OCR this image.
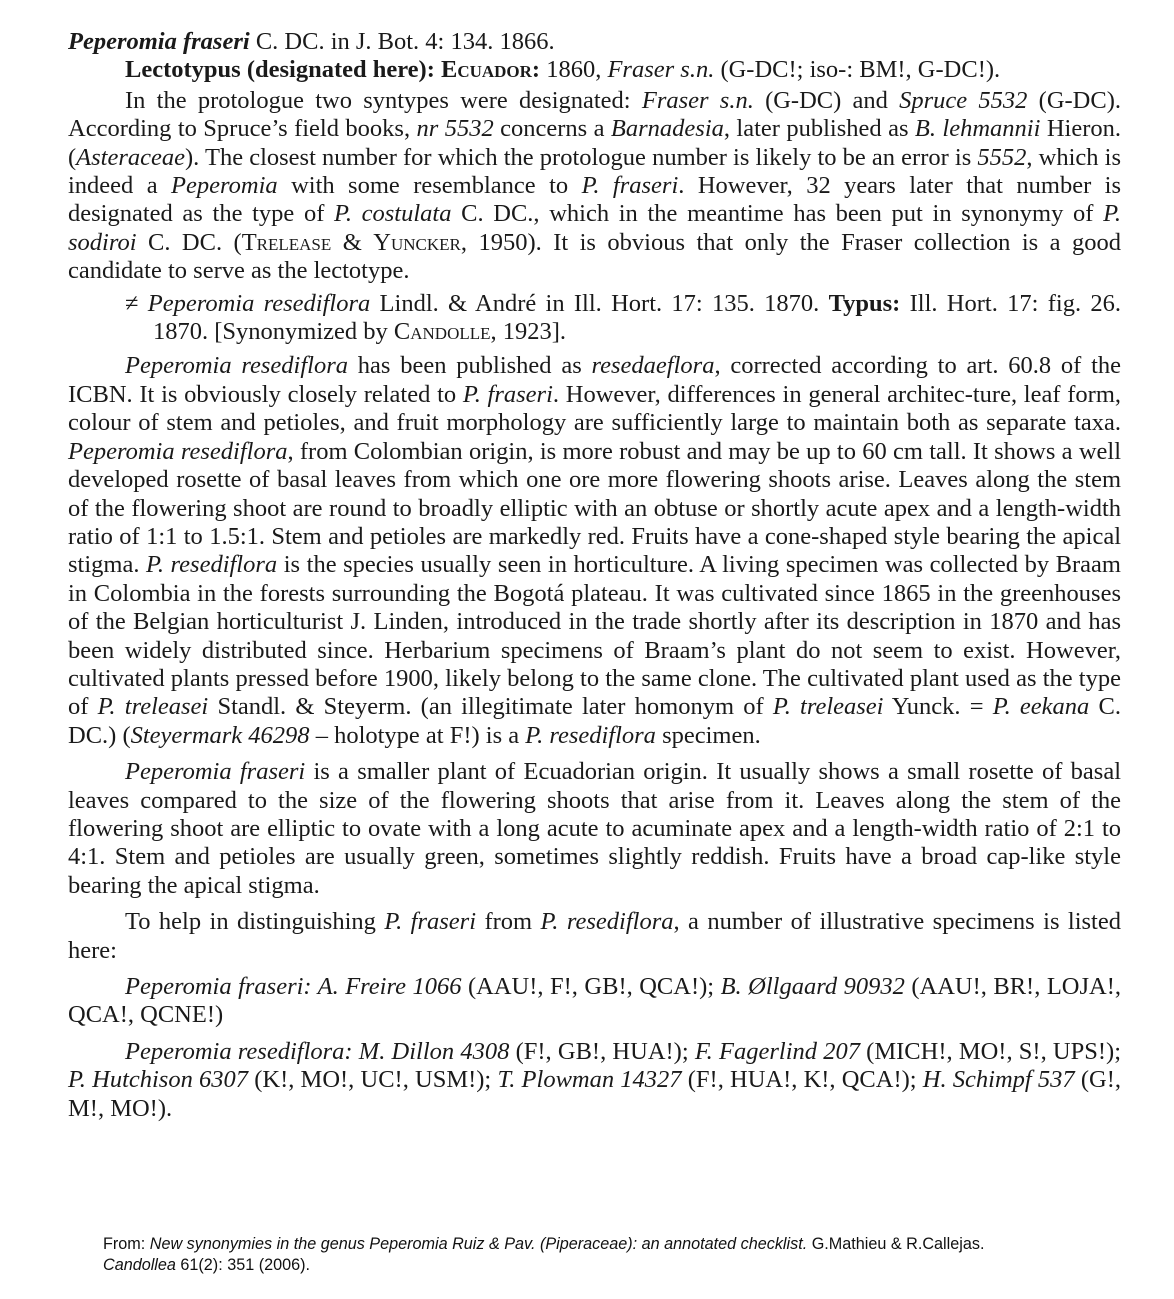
Peperomia fraseri C. DC. in J. Bot. 4: 134. 1866.

Lectotypus (designated here): Ecuador: 1860, Fraser s.n. (G-DC!; iso-: BM!, G-DC!).

In the protologue two syntypes were designated: Fraser s.n. (G-DC) and Spruce 5532 (G-DC). According to Spruce’s field books, nr 5532 concerns a Barnadesia, later published as B. lehmannii Hieron. (Asteraceae). The closest number for which the protologue number is likely to be an error is 5552, which is indeed a Peperomia with some resemblance to P. fraseri. However, 32 years later that number is designated as the type of P. costulata C. DC., which in the meantime has been put in synonymy of P. sodiroi C. DC. (Trelease & Yuncker, 1950). It is obvious that only the Fraser collection is a good candidate to serve as the lectotype.

≠ Peperomia resediflora Lindl. & André in Ill. Hort. 17: 135. 1870. Typus: Ill. Hort. 17: fig. 26. 1870. [Synonymized by Candolle, 1923].

Peperomia resediflora has been published as resedaeflora, corrected according to art. 60.8 of the ICBN. It is obviously closely related to P. fraseri. However, differences in general architec-ture, leaf form, colour of stem and petioles, and fruit morphology are sufficiently large to maintain both as separate taxa. Peperomia resediflora, from Colombian origin, is more robust and may be up to 60 cm tall. It shows a well developed rosette of basal leaves from which one ore more flowering shoots arise. Leaves along the stem of the flowering shoot are round to broadly elliptic with an obtuse or shortly acute apex and a length-width ratio of 1:1 to 1.5:1. Stem and petioles are markedly red. Fruits have a cone-shaped style bearing the apical stigma. P. resediflora is the species usually seen in horticulture. A living specimen was collected by Braam in Colombia in the forests surrounding the Bogotá plateau. It was cultivated since 1865 in the greenhouses of the Belgian horticulturist J. Linden, introduced in the trade shortly after its description in 1870 and has been widely distributed since. Herbarium specimens of Braam’s plant do not seem to exist. However, cultivated plants pressed before 1900, likely belong to the same clone. The cultivated plant used as the type of P. treleasei Standl. & Steyerm. (an illegitimate later homonym of P. treleasei Yunck. = P. eekana C. DC.) (Steyermark 46298 – holotype at F!) is a P. resediflora specimen.

Peperomia fraseri is a smaller plant of Ecuadorian origin. It usually shows a small rosette of basal leaves compared to the size of the flowering shoots that arise from it. Leaves along the stem of the flowering shoot are elliptic to ovate with a long acute to acuminate apex and a length-width ratio of 2:1 to 4:1. Stem and petioles are usually green, sometimes slightly reddish. Fruits have a broad cap-like style bearing the apical stigma.

To help in distinguishing P. fraseri from P. resediflora, a number of illustrative specimens is listed here:

Peperomia fraseri: A. Freire 1066 (AAU!, F!, GB!, QCA!); B. Øllgaard 90932 (AAU!, BR!, LOJA!, QCA!, QCNE!)

Peperomia resediflora: M. Dillon 4308 (F!, GB!, HUA!); F. Fagerlind 207 (MICH!, MO!, S!, UPS!); P. Hutchison 6307 (K!, MO!, UC!, USM!); T. Plowman 14327 (F!, HUA!, K!, QCA!); H. Schimpf 537 (G!, M!, MO!).

From: New synonymies in the genus Peperomia Ruiz & Pav. (Piperaceae): an annotated checklist. G.Mathieu & R.Callejas.

Candollea 61(2): 351 (2006).
